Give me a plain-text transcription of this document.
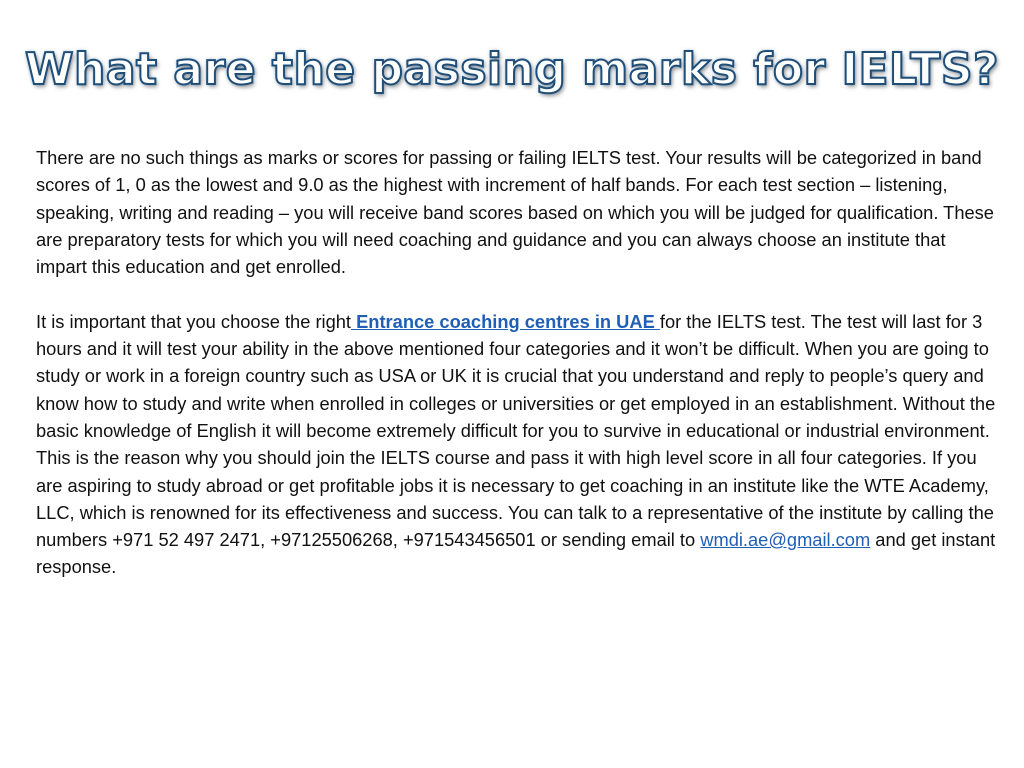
What are the passing marks for IELTS?

There are no such things as marks or scores for passing or failing IELTS test. Your results will be categorized in band scores of 1, 0 as the lowest and 9.0 as the highest with increment of half bands. For each test section – listening, speaking, writing and reading – you will receive band scores based on which you will be judged for qualification. These are preparatory tests for which you will need coaching and guidance and you can always choose an institute that impart this education and get enrolled.

It is important that you choose the right Entrance coaching centres in UAE for the IELTS test. The test will last for 3 hours and it will test your ability in the above mentioned four categories and it won’t be difficult. When you are going to study or work in a foreign country such as USA or UK it is crucial that you understand and reply to people’s query and know how to study and write when enrolled in colleges or universities or get employed in an establishment. Without the basic knowledge of English it will become extremely difficult for you to survive in educational or industrial environment. This is the reason why you should join the IELTS course and pass it with high level score in all four categories. If you are aspiring to study abroad or get profitable jobs it is necessary to get coaching in an institute like the WTE Academy, LLC, which is renowned for its effectiveness and success. You can talk to a representative of the institute by calling the numbers +971 52 497 2471, +97125506268, +971543456501 or sending email to wmdi.ae@gmail.com and get instant response.
